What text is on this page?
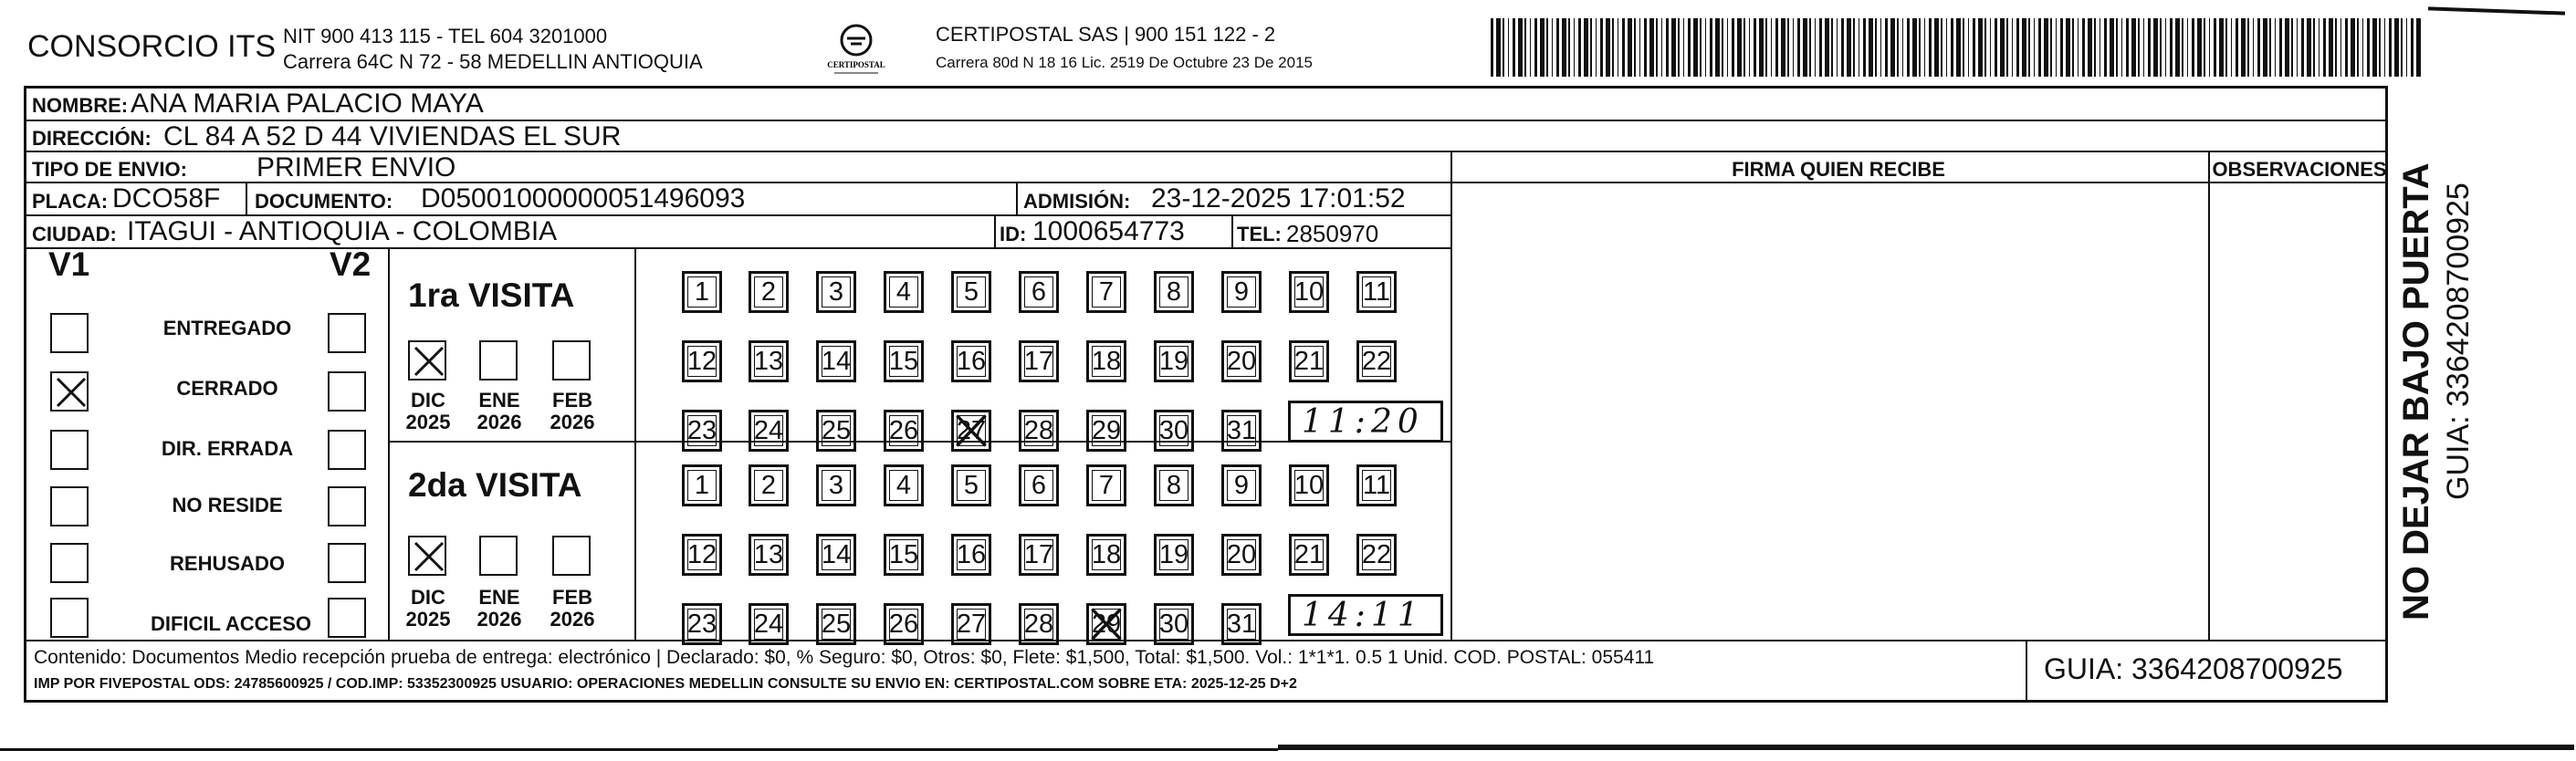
CONSORCIO ITS NIT 900 413 115 - TEL 604 3201000
Carrera 64C N 72 - 58 MEDELLIN ANTIOQUIA	CERTIPOSTAL
CERTIPOSTAL SAS | 900 151 122 - 2
Carrera 80d N 18 16 Lic. 2519 De Octubre 23 De 2015
NOMBRE: ANA MARIA PALACIO MAYA
DIRECCIÓN: CL 84 A 52 D 44 VIVIENDAS EL SUR
TIPO DE ENVIO:	PRIMER ENVIO	FIRMA QUIEN RECIBE	OBSERVACIONES
PLACA: DCO58F DOCUMENTO: D05001000000051496093	ADMISIÓN: 23-12-2025 17:01:52
CIUDAD: ITAGUI - ANTIOQUIA - COLOMBIA	ID: 1000654773	TEL: 2850970
V1	V2
ENTREGADO
CERRADO
DIR. ERRADA
NO RESIDE
REHUSADO
DIFICIL ACCESO
1ra VISITA
DIC
2025
ENE
2026
FEB
2026
1	2	3	4	5	6	7	8	9	10 11
12 13 14 15 16 17 18 19 20 21 22
23 24 25 26 27 28 29 30 31 11:20
2da VISITA
DIC
2025
ENE
2026
FEB
2026
1	2	3	4	5	6	7	8	9	10 11
12 13 14 15 16 17 18 19 20 21 22
23 24 25 26 27 28 29 30 31 14:11
Contenido: Documentos Medio recepción prueba de entrega: electrónico | Declarado: $0, % Seguro: $0, Otros: $0, Flete: $1,500, Total: $1,500. Vol.: 1*1*1. 0.5 1 Unid. COD. POSTAL: 055411
IMP POR FIVEPOSTAL ODS: 24785600925 / COD.IMP: 53352300925 USUARIO: OPERACIONES MEDELLIN CONSULTE SU ENVIO EN: CERTIPOSTAL.COM SOBRE ETA: 2025-12-25 D+2	GUIA: 3364208700925
NO DEJAR BAJO PUERTA GUIA: 3364208700925
